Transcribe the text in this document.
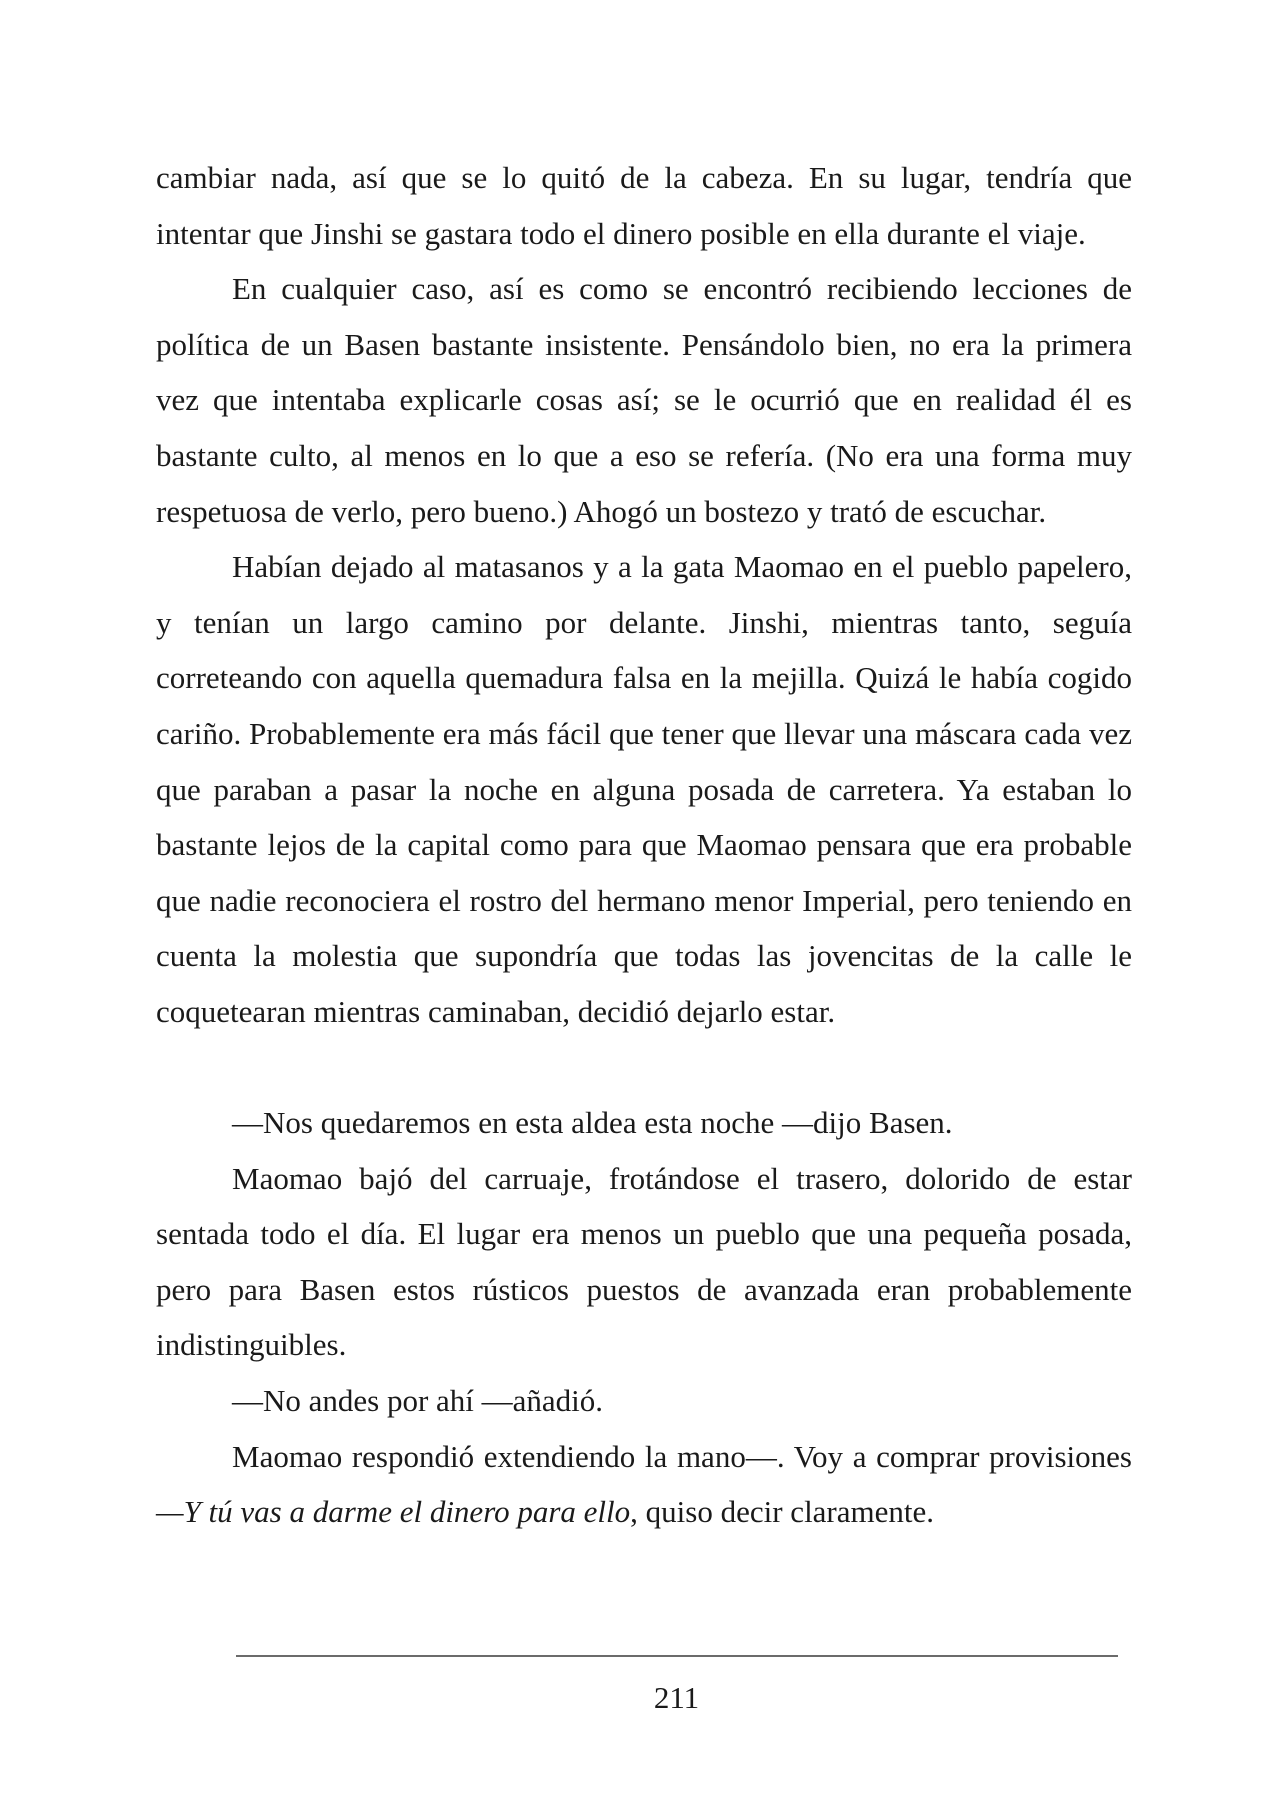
cambiar nada, así que se lo quitó de la cabeza. En su lugar, tendría que intentar que Jinshi se gastara todo el dinero posible en ella durante el viaje.

En cualquier caso, así es como se encontró recibiendo lecciones de política de un Basen bastante insistente. Pensándolo bien, no era la primera vez que intentaba explicarle cosas así; se le ocurrió que en realidad él es bastante culto, al menos en lo que a eso se refería. (No era una forma muy respetuosa de verlo, pero bueno.) Ahogó un bostezo y trató de escuchar.

Habían dejado al matasanos y a la gata Maomao en el pueblo papelero, y tenían un largo camino por delante. Jinshi, mientras tanto, seguía correteando con aquella quemadura falsa en la mejilla. Quizá le había cogido cariño. Probablemente era más fácil que tener que llevar una máscara cada vez que paraban a pasar la noche en alguna posada de carretera. Ya estaban lo bastante lejos de la capital como para que Maomao pensara que era probable que nadie reconociera el rostro del hermano menor Imperial, pero teniendo en cuenta la molestia que supondría que todas las jovencitas de la calle le coquetearan mientras caminaban, decidió dejarlo estar.

—Nos quedaremos en esta aldea esta noche —dijo Basen.

Maomao bajó del carruaje, frotándose el trasero, dolorido de estar sentada todo el día. El lugar era menos un pueblo que una pequeña posada, pero para Basen estos rústicos puestos de avanzada eran probablemente indistinguibles.

—No andes por ahí —añadió.

Maomao respondió extendiendo la mano—. Voy a comprar provisiones —Y tú vas a darme el dinero para ello, quiso decir claramente.

211
